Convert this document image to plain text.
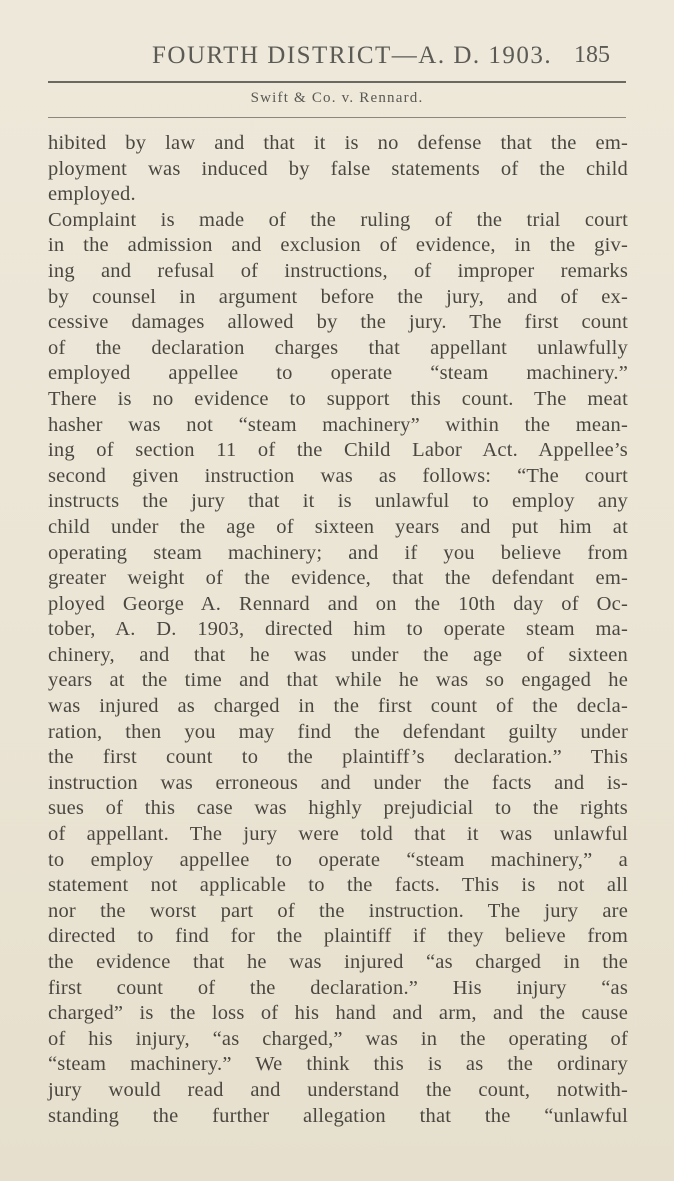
FOURTH DISTRICT—A. D. 1903. 185
Swift & Co. v. Rennard.
hibited by law and that it is no defense that the em-
ployment was induced by false statements of the child
employed.
Complaint is made of the ruling of the trial court
in the admission and exclusion of evidence, in the giv-
ing and refusal of instructions, of improper remarks
by counsel in argument before the jury, and of ex-
cessive damages allowed by the jury. The first count
of the declaration charges that appellant unlawfully
employed appellee to operate “steam machinery.”
There is no evidence to support this count. The meat
hasher was not “steam machinery” within the mean-
ing of section 11 of the Child Labor Act. Appellee’s
second given instruction was as follows: “The court
instructs the jury that it is unlawful to employ any
child under the age of sixteen years and put him at
operating steam machinery; and if you believe from
greater weight of the evidence, that the defendant em-
ployed George A. Rennard and on the 10th day of Oc-
tober, A. D. 1903, directed him to operate steam ma-
chinery, and that he was under the age of sixteen
years at the time and that while he was so engaged he
was injured as charged in the first count of the decla-
ration, then you may find the defendant guilty under
the first count to the plaintiff’s declaration.” This
instruction was erroneous and under the facts and is-
sues of this case was highly prejudicial to the rights
of appellant. The jury were told that it was unlawful
to employ appellee to operate “steam machinery,” a
statement not applicable to the facts. This is not all
nor the worst part of the instruction. The jury are
directed to find for the plaintiff if they believe from
the evidence that he was injured “as charged in the
first count of the declaration.” His injury “as
charged” is the loss of his hand and arm, and the cause
of his injury, “as charged,” was in the operating of
“steam machinery.” We think this is as the ordinary
jury would read and understand the count, notwith-
standing the further allegation that the “unlawful
